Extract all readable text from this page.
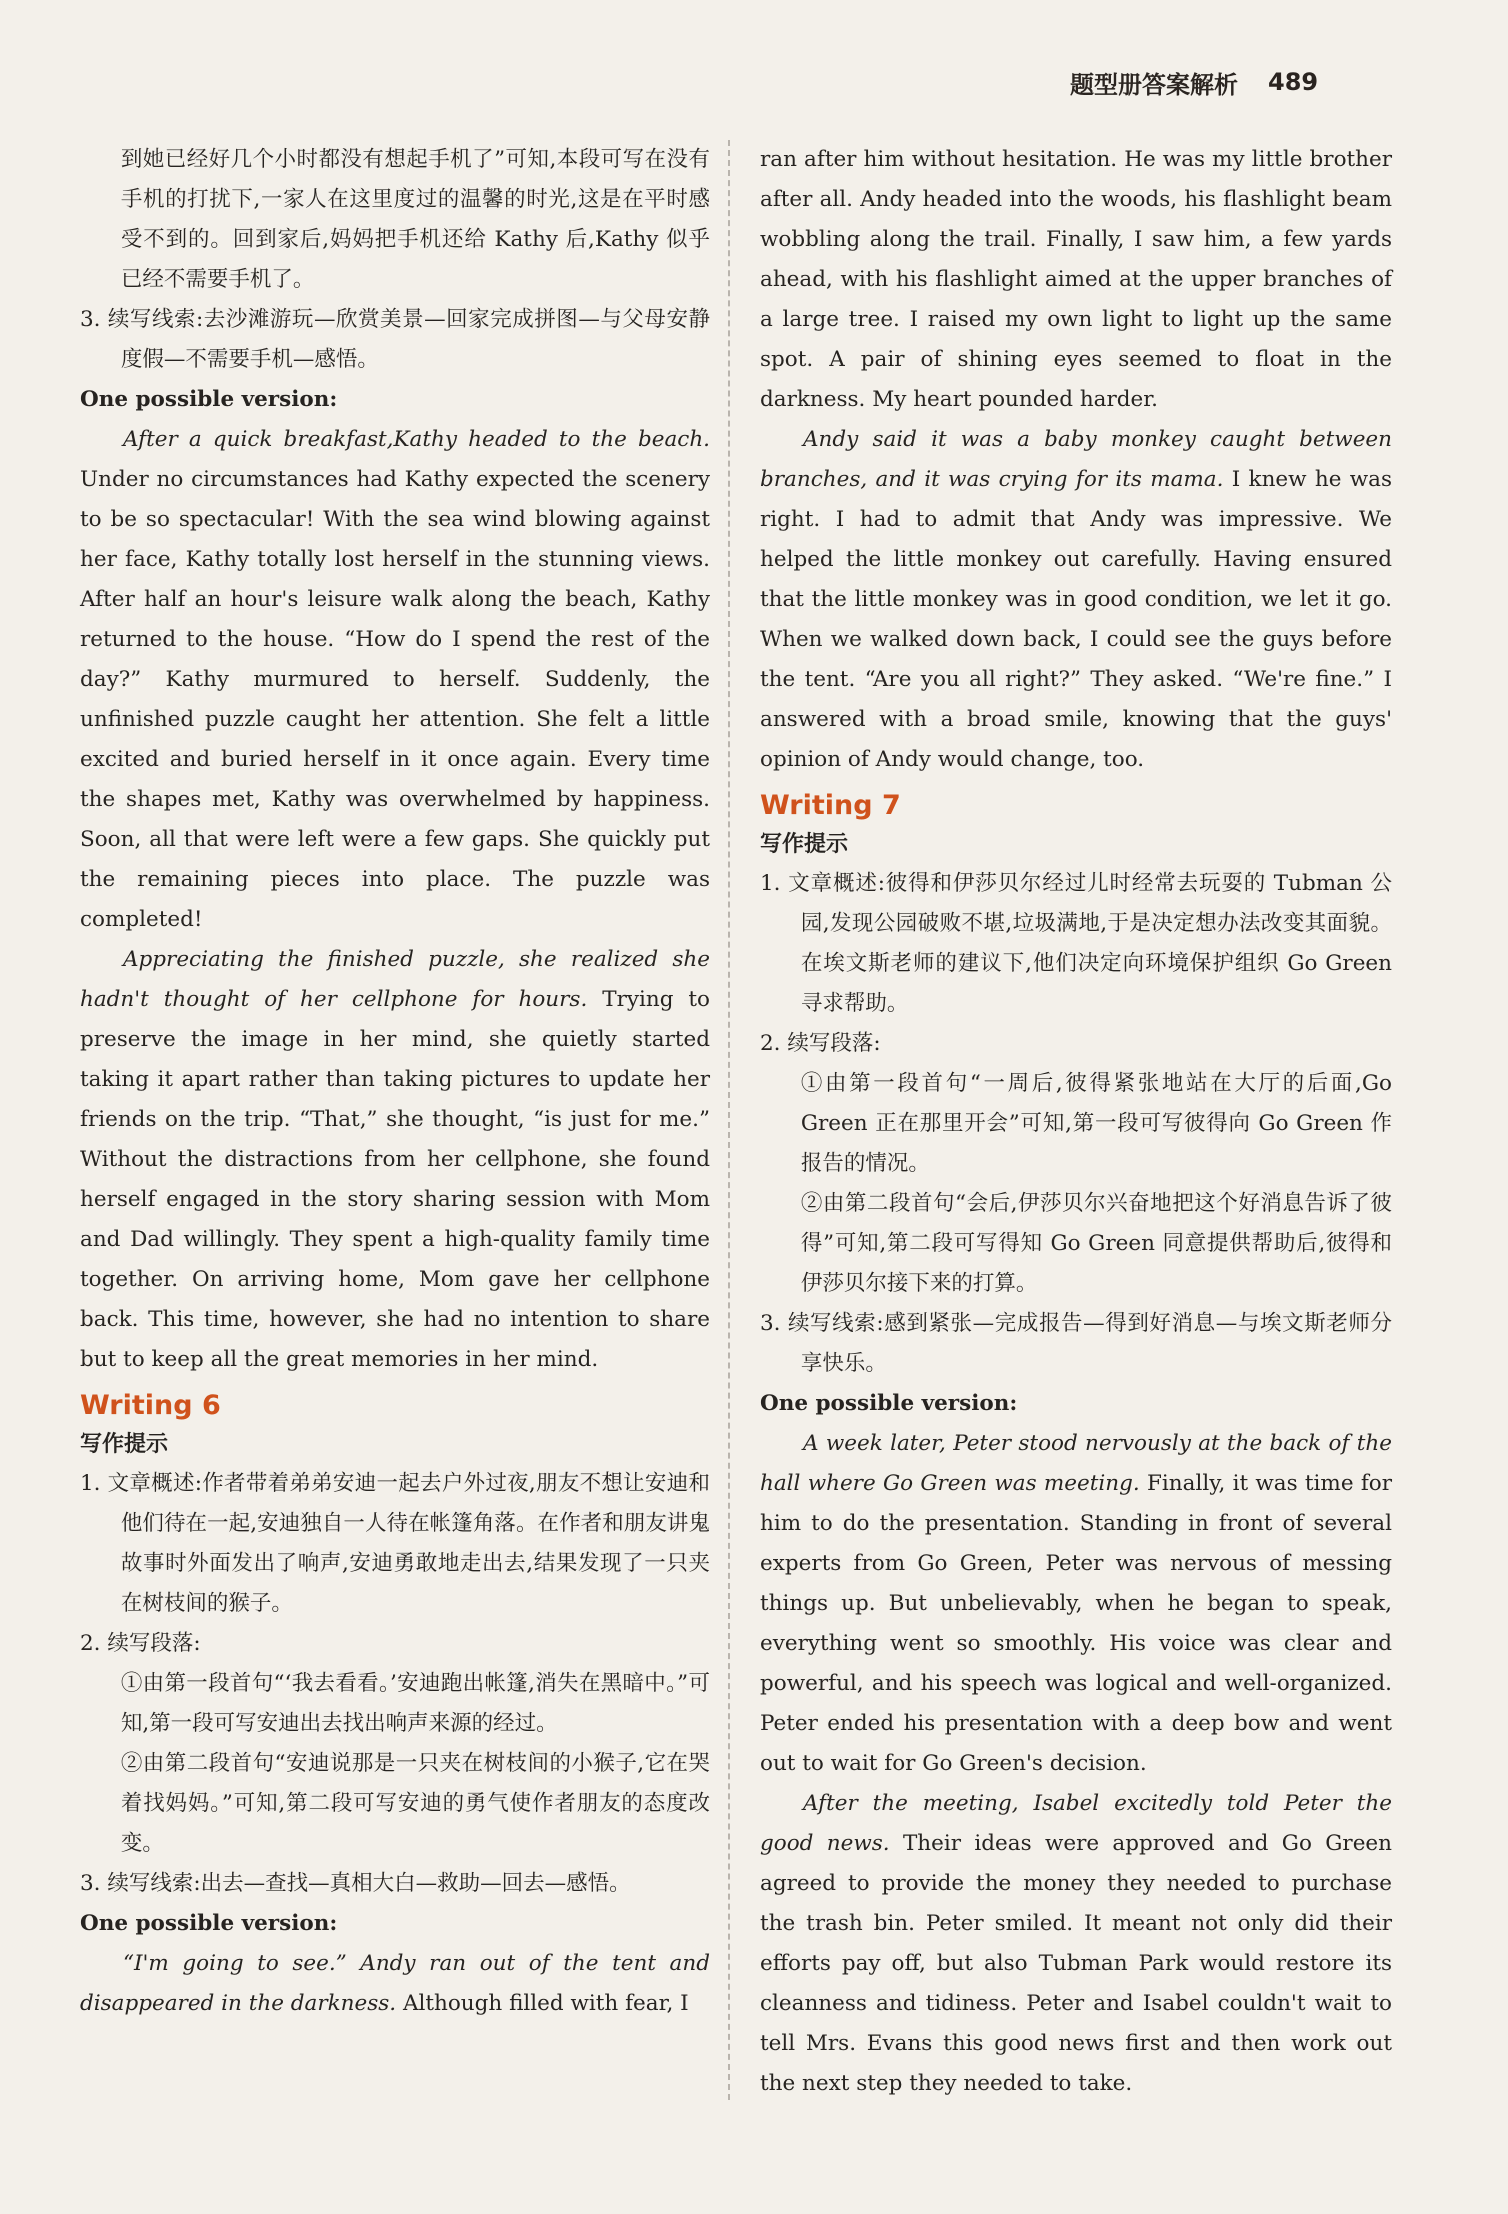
题型册答案解析 489

到她已经好几个小时都没有想起手机了”可知,本段可写在没有手机的打扰下,一家人在这里度过的温馨的时光,这是在平时感受不到的。回到家后,妈妈把手机还给 Kathy 后,Kathy 似乎已经不需要手机了。

3. 续写线索:去沙滩游玩—欣赏美景—回家完成拼图—与父母安静度假—不需要手机—感悟。

One possible version:

After a quick breakfast,Kathy headed to the beach. Under no circumstances had Kathy expected the scenery to be so spectacular! With the sea wind blowing against her face, Kathy totally lost herself in the stunning views. After half an hour's leisure walk along the beach, Kathy returned to the house. “How do I spend the rest of the day?” Kathy murmured to herself. Suddenly, the unfinished puzzle caught her attention. She felt a little excited and buried herself in it once again. Every time the shapes met, Kathy was overwhelmed by happiness. Soon, all that were left were a few gaps. She quickly put the remaining pieces into place. The puzzle was completed!

Appreciating the finished puzzle, she realized she hadn't thought of her cellphone for hours. Trying to preserve the image in her mind, she quietly started taking it apart rather than taking pictures to update her friends on the trip. “That,” she thought, “is just for me.” Without the distractions from her cellphone, she found herself engaged in the story sharing session with Mom and Dad willingly. They spent a high-quality family time together. On arriving home, Mom gave her cellphone back. This time, however, she had no intention to share but to keep all the great memories in her mind.

Writing 6
写作提示

1. 文章概述:作者带着弟弟安迪一起去户外过夜,朋友不想让安迪和他们待在一起,安迪独自一人待在帐篷角落。在作者和朋友讲鬼故事时外面发出了响声,安迪勇敢地走出去,结果发现了一只夹在树枝间的猴子。

2. 续写段落:

①由第一段首句“‘我去看看。’安迪跑出帐篷,消失在黑暗中。”可知,第一段可写安迪出去找出响声来源的经过。

②由第二段首句“安迪说那是一只夹在树枝间的小猴子,它在哭着找妈妈。”可知,第二段可写安迪的勇气使作者朋友的态度改变。

3. 续写线索:出去—查找—真相大白—救助—回去—感悟。

One possible version:

“I'm going to see.” Andy ran out of the tent and disappeared in the darkness. Although filled with fear, I

ran after him without hesitation. He was my little brother after all. Andy headed into the woods, his flashlight beam wobbling along the trail. Finally, I saw him, a few yards ahead, with his flashlight aimed at the upper branches of a large tree. I raised my own light to light up the same spot. A pair of shining eyes seemed to float in the darkness. My heart pounded harder.

Andy said it was a baby monkey caught between branches, and it was crying for its mama. I knew he was right. I had to admit that Andy was impressive. We helped the little monkey out carefully. Having ensured that the little monkey was in good condition, we let it go. When we walked down back, I could see the guys before the tent. “Are you all right?” They asked. “We're fine.” I answered with a broad smile, knowing that the guys' opinion of Andy would change, too.

Writing 7
写作提示

1. 文章概述:彼得和伊莎贝尔经过儿时经常去玩耍的 Tubman 公园,发现公园破败不堪,垃圾满地,于是决定想办法改变其面貌。在埃文斯老师的建议下,他们决定向环境保护组织 Go Green 寻求帮助。

2. 续写段落:

①由第一段首句“一周后,彼得紧张地站在大厅的后面,Go Green 正在那里开会”可知,第一段可写彼得向 Go Green 作报告的情况。

②由第二段首句“会后,伊莎贝尔兴奋地把这个好消息告诉了彼得”可知,第二段可写得知 Go Green 同意提供帮助后,彼得和伊莎贝尔接下来的打算。

3. 续写线索:感到紧张—完成报告—得到好消息—与埃文斯老师分享快乐。

One possible version:

A week later, Peter stood nervously at the back of the hall where Go Green was meeting. Finally, it was time for him to do the presentation. Standing in front of several experts from Go Green, Peter was nervous of messing things up. But unbelievably, when he began to speak, everything went so smoothly. His voice was clear and powerful, and his speech was logical and well-organized. Peter ended his presentation with a deep bow and went out to wait for Go Green's decision.

After the meeting, Isabel excitedly told Peter the good news. Their ideas were approved and Go Green agreed to provide the money they needed to purchase the trash bin. Peter smiled. It meant not only did their efforts pay off, but also Tubman Park would restore its cleanness and tidiness. Peter and Isabel couldn't wait to tell Mrs. Evans this good news first and then work out the next step they needed to take.
